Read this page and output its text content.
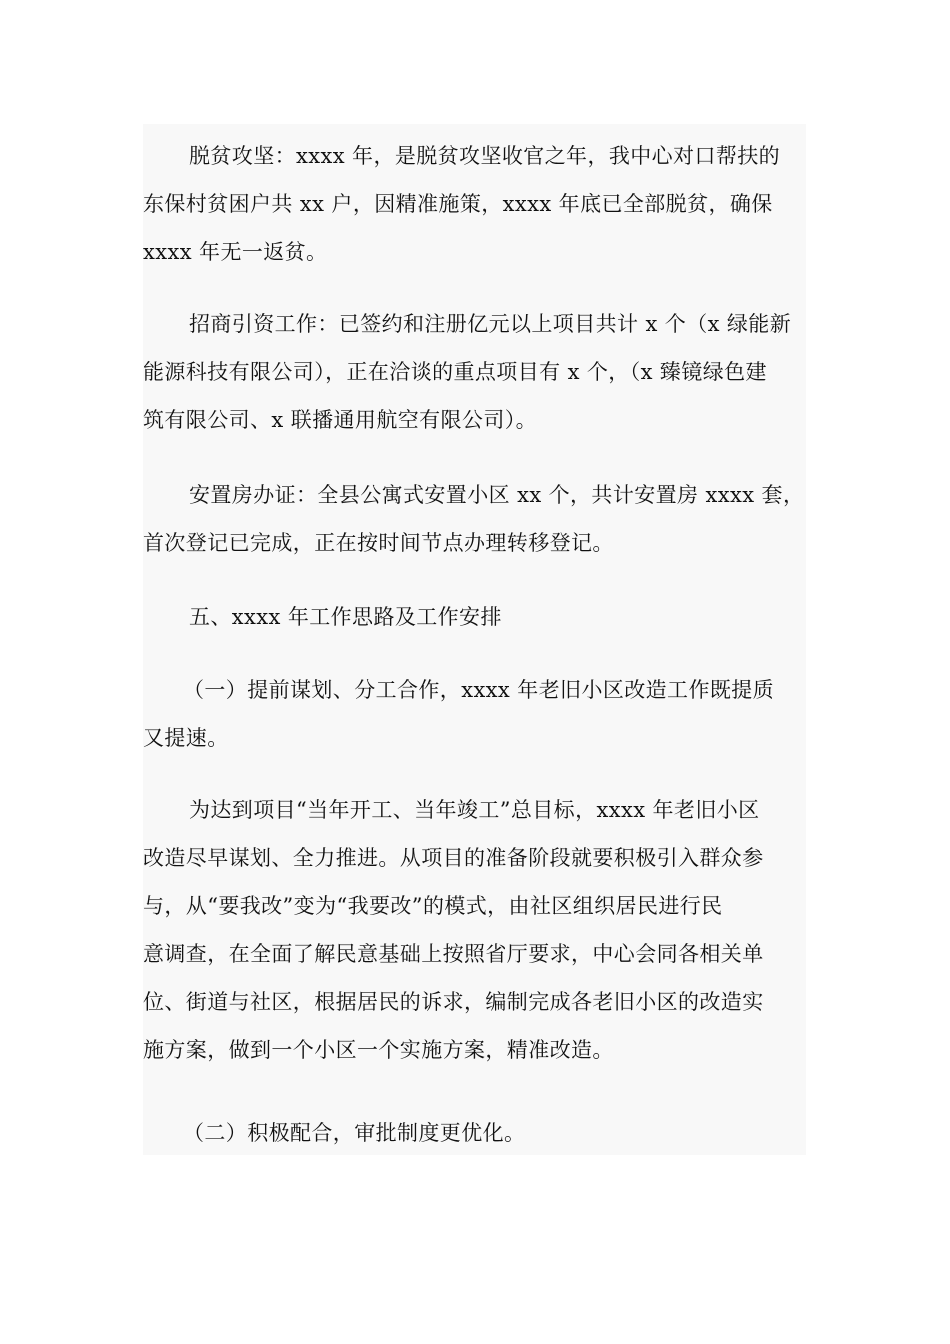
脱贫攻坚：xxxx 年，是脱贫攻坚收官之年，我中心对口帮扶的
东保村贫困户共 xx 户，因精准施策，xxxx 年底已全部脱贫，确保
xxxx 年无一返贫。

招商引资工作：已签约和注册亿元以上项目共计 x 个（x 绿能新
能源科技有限公司），正在洽谈的重点项目有 x 个，（x 臻镜绿色建
筑有限公司、x 联播通用航空有限公司）。

安置房办证：全县公寓式安置小区 xx 个，共计安置房 xxxx 套，
首次登记已完成，正在按时间节点办理转移登记。

五、xxxx 年工作思路及工作安排

（一）提前谋划、分工合作，xxxx 年老旧小区改造工作既提质
又提速。

为达到项目“当年开工、当年竣工”总目标，xxxx 年老旧小区
改造尽早谋划、全力推进。从项目的准备阶段就要积极引入群众参
与，从“要我改”变为“我要改”的模式，由社区组织居民进行民
意调查，在全面了解民意基础上按照省厅要求，中心会同各相关单
位、街道与社区，根据居民的诉求，编制完成各老旧小区的改造实
施方案，做到一个小区一个实施方案，精准改造。

（二）积极配合，审批制度更优化。
